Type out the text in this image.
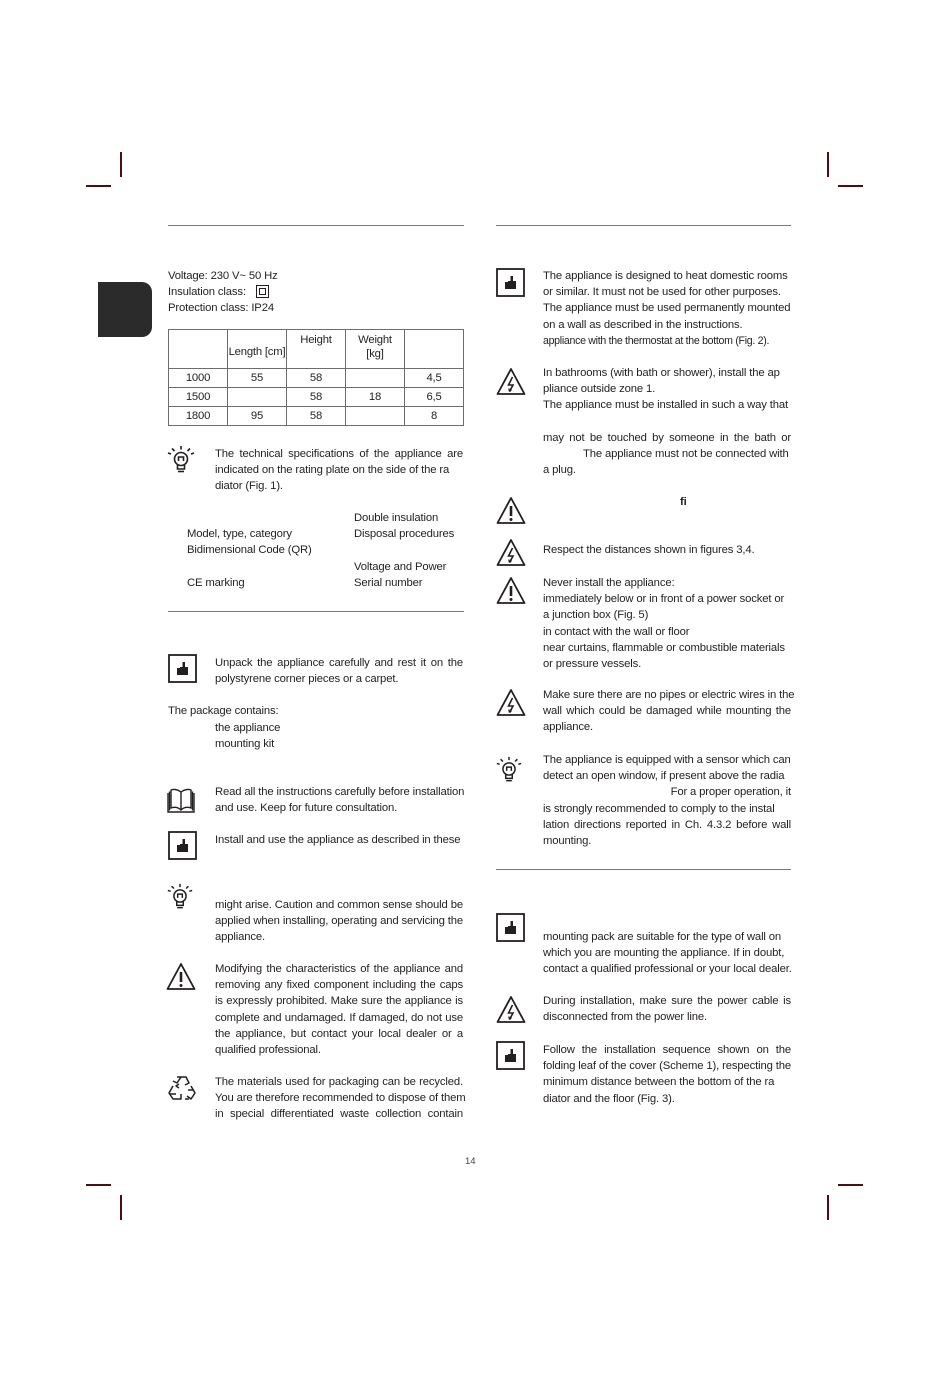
Voltage: 230 V~ 50 Hz
Insulation class:
Protection class: IP24
	Length [cm]	Height	Weight
[kg]	

1000	55	58		4,5
1500		58	18	6,5
1800	95	58		8
The technical specifications of the appliance are
indicated on the rating plate on the side of the ra
diator (Fig. 1).
Model, type, category
Bidimensional Code (QR)

CE marking
Double insulation
Disposal procedures

Voltage and Power
Serial number
Unpack the appliance carefully and rest it on the
polystyrene corner pieces or a carpet.
The package contains:
the appliance
mounting kit
Read all the instructions carefully before installation
and use. Keep for future consultation.
Install and use the appliance as described in these
might arise. Caution and common sense should be
applied when installing, operating and servicing the
appliance.
Modifying the characteristics of the appliance and
removing any fixed component including the caps
is expressly prohibited. Make sure the appliance is
complete and undamaged. If damaged, do not use
the appliance, but contact your local dealer or a
qualified professional.
The materials used for packaging can be recycled.
You are therefore recommended to dispose of them
in special differentiated waste collection contain
The appliance is designed to heat domestic rooms
or similar. It must not be used for other purposes.
The appliance must be used permanently mounted
on a wall as described in the instructions.
appliance with the thermostat at the bottom (Fig. 2).
In bathrooms (with bath or shower), install the ap
pliance outside zone 1.
The appliance must be installed in such a way that

may not be touched by someone in the bath or
The appliance must not be connected with
a plug.
fi
Respect the distances shown in figures 3,4.
Never install the appliance:
immediately below or in front of a power socket or
a junction box (Fig. 5)
in contact with the wall or floor
near curtains, flammable or combustible materials
or pressure vessels.
Make sure there are no pipes or electric wires in the
wall which could be damaged while mounting the
appliance.
The appliance is equipped with a sensor which can
detect an open window, if present above the radia
For a proper operation, it
is strongly recommended to comply to the instal
lation directions reported in Ch. 4.3.2 before wall
mounting.
mounting pack are suitable for the type of wall on
which you are mounting the appliance. If in doubt,
contact a qualified professional or your local dealer.
During installation, make sure the power cable is
disconnected from the power line.
Follow the installation sequence shown on the
folding leaf of the cover (Scheme 1), respecting the
minimum distance between the bottom of the ra
diator and the floor (Fig. 3).
14
